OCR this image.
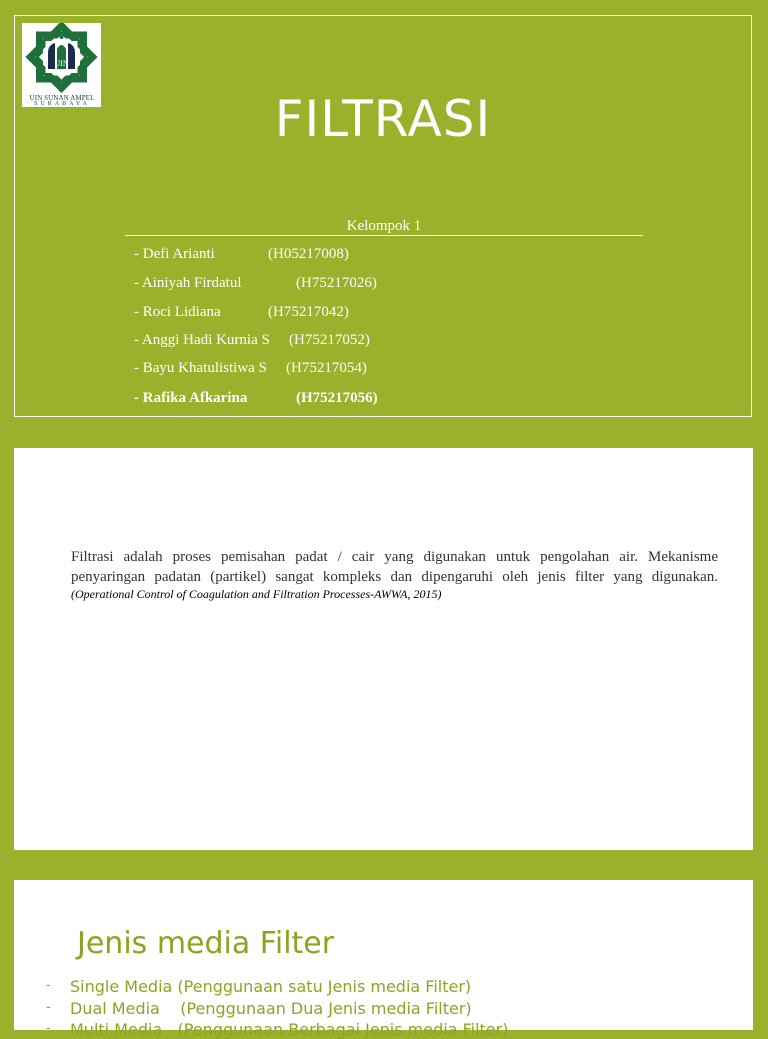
UIN
UIN SUNAN AMPEL
SURABAYA	FILTRASI
Kelompok 1
- Defi Arianti	(H05217008)
- Ainiyah Firdatul	(H75217026)
- Roci Lidiana	(H75217042)
- Anggi Hadi Kurnia S (H75217052)
- Bayu Khatulistiwa S (H75217054)
- Rafika Afkarina	(H75217056)
Filtrasi adalah proses pemisahan padat / cair yang digunakan untuk pengolahan air. Mekanisme
penyaringan padatan (partikel) sangat kompleks dan dipengaruhi oleh jenis filter yang digunakan.
(Operational Control of Coagulation and Filtration Processes-AWWA, 2015)
Jenis media Filter
- Single Media (Penggunaan satu Jenis media Filter)
- Dual Media    (Penggunaan Dua Jenis media Filter)
- Multi Media   (Penggunaan Berbagai Jenis media Filter)
